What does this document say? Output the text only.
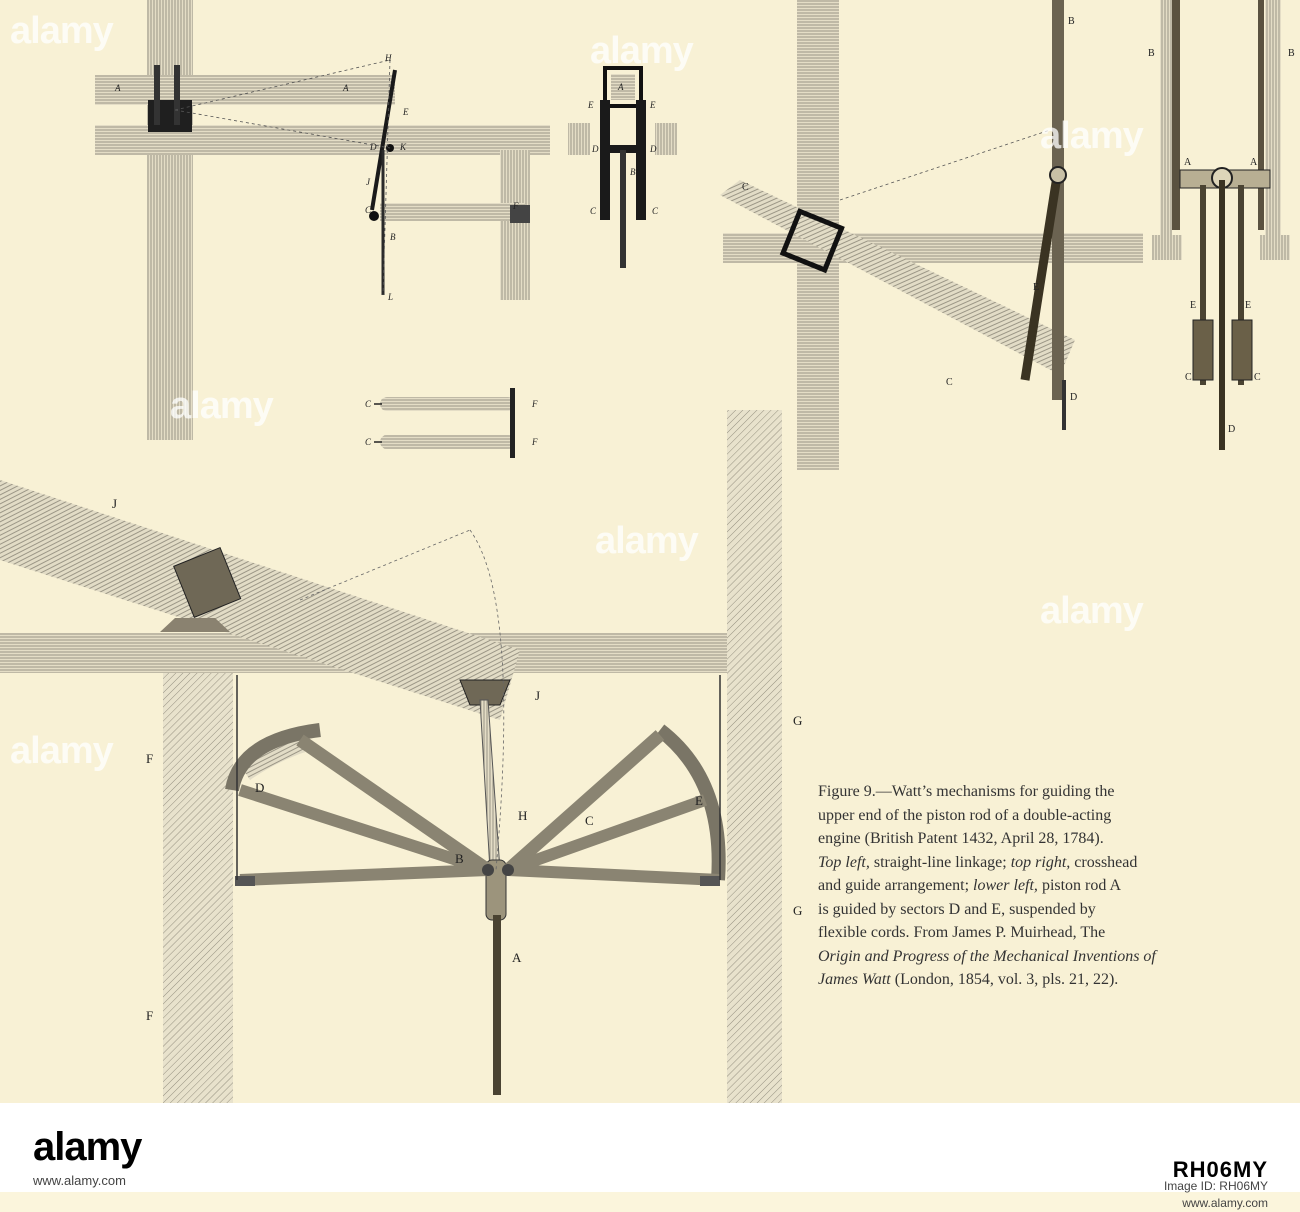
H
A	A
E
D	K
J
C
B
L
F
E	E
A
D	D
B
C	C
C
C
F
F
B
C
E
C
D
B	B
A	A
E	E
C	C
D
J
J
F
F
G
G
D
E
H
B
C
A
alamy
alamy
alamy
alamy
alamy
alamy
alamy
Figure 9.—Watt’s mechanisms for guiding the
upper end of the piston rod of a double-acting
engine (British Patent 1432, April 28, 1784).
Top left, straight-line linkage; top right, crosshead
and guide arrangement; lower left, piston rod A
is guided by sectors D and E, suspended by
flexible cords. From James P. Muirhead, The
Origin and Progress of the Mechanical Inventions of
James Watt (London, 1854, vol. 3, pls. 21, 22).
alamy
www.alamy.com	RH06MY
Image ID: RH06MY
www.alamy.com
